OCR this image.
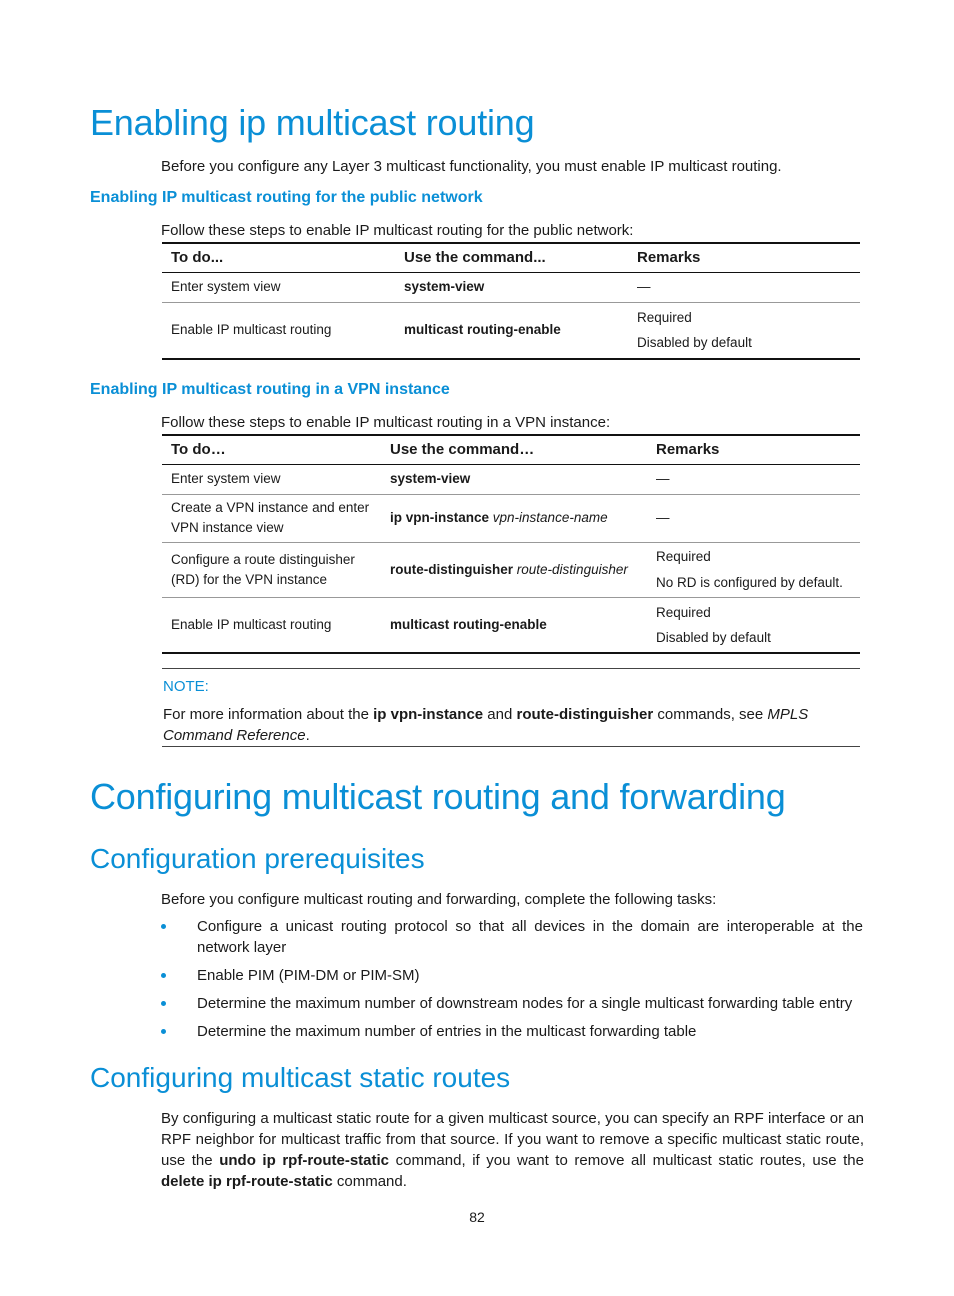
Enabling ip multicast routing

Before you configure any Layer 3 multicast functionality, you must enable IP multicast routing.

Enabling IP multicast routing for the public network

Follow these steps to enable IP multicast routing for the public network:

To do...	Use the command...	Remarks
Enter system view	system-view	—
Enable IP multicast routing	multicast routing-enable	Required
Disabled by default
Enabling IP multicast routing in a VPN instance

Follow these steps to enable IP multicast routing in a VPN instance:

To do…	Use the command…	Remarks
Enter system view	system-view	—
Create a VPN instance and enter VPN instance view	ip vpn-instance vpn-instance-name	—
Configure a route distinguisher (RD) for the VPN instance	route-distinguisher route-distinguisher	Required
No RD is configured by default.

Enable IP multicast routing	multicast routing-enable	Required
Disabled by default
NOTE:
For more information about the ip vpn-instance and route-distinguisher commands, see MPLS Command Reference.
Configuring multicast routing and forwarding
Configuration prerequisites

Before you configure multicast routing and forwarding, complete the following tasks:

Configure a unicast routing protocol so that all devices in the domain are interoperable at the network layer
Enable PIM (PIM-DM or PIM-SM)
Determine the maximum number of downstream nodes for a single multicast forwarding table entry
Determine the maximum number of entries in the multicast forwarding table
Configuring multicast static routes

By configuring a multicast static route for a given multicast source, you can specify an RPF interface or an RPF neighbor for multicast traffic from that source. If you want to remove a specific multicast static route, use the undo ip rpf-route-static command, if you want to remove all multicast static routes, use the delete ip rpf-route-static command.

82
